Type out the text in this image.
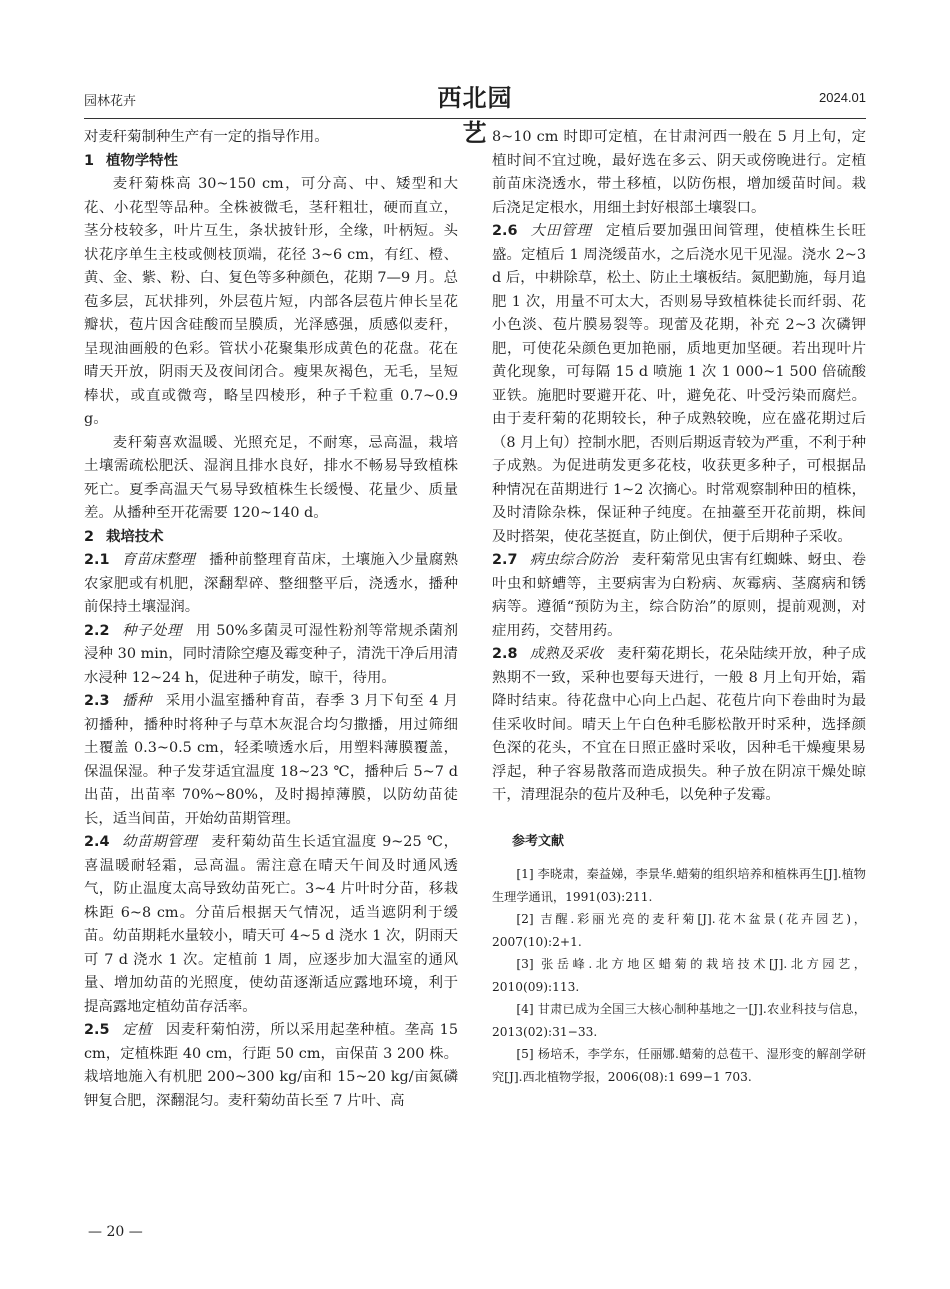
园林花卉	西北园艺
2024.01

对麦秆菊制种生产有一定的指导作用。

1 植物学特性

麦秆菊株高 30~150 cm，可分高、中、矮型和大花、小花型等品种。全株被微毛，茎秆粗壮，硬而直立，茎分枝较多，叶片互生，条状披针形，全缘，叶柄短。头状花序单生主枝或侧枝顶端，花径 3~6 cm，有红、橙、黄、金、紫、粉、白、复色等多种颜色，花期 7—9 月。总苞多层，瓦状排列，外层苞片短，内部各层苞片伸长呈花瓣状，苞片因含硅酸而呈膜质，光泽感强，质感似麦秆，呈现油画般的色彩。管状小花聚集形成黄色的花盘。花在晴天开放，阴雨天及夜间闭合。瘦果灰褐色，无毛，呈短棒状，或直或微弯，略呈四棱形，种子千粒重 0.7~0.9 g。

麦秆菊喜欢温暖、光照充足，不耐寒，忌高温，栽培土壤需疏松肥沃、湿润且排水良好，排水不畅易导致植株死亡。夏季高温天气易导致植株生长缓慢、花量少、质量差。从播种至开花需要 120~140 d。

2 栽培技术

2.1 育苗床整理 播种前整理育苗床，土壤施入少量腐熟农家肥或有机肥，深翻犁碎、整细整平后，浇透水，播种前保持土壤湿润。

2.2 种子处理 用 50%多菌灵可湿性粉剂等常规杀菌剂浸种 30 min，同时清除空瘪及霉变种子，清洗干净后用清水浸种 12~24 h，促进种子萌发，晾干，待用。

2.3 播种 采用小温室播种育苗，春季 3 月下旬至 4 月初播种，播种时将种子与草木灰混合均匀撒播，用过筛细土覆盖 0.3~0.5 cm，轻柔喷透水后，用塑料薄膜覆盖，保温保湿。种子发芽适宜温度 18~23 ℃，播种后 5~7 d 出苗，出苗率 70%~80%，及时揭掉薄膜，以防幼苗徒长，适当间苗，开始幼苗期管理。

2.4 幼苗期管理 麦秆菊幼苗生长适宜温度 9~25 ℃，喜温暖耐轻霜，忌高温。需注意在晴天午间及时通风透气，防止温度太高导致幼苗死亡。3~4 片叶时分苗，移栽株距 6~8 cm。分苗后根据天气情况，适当遮阴利于缓苗。幼苗期耗水量较小，晴天可 4~5 d 浇水 1 次，阴雨天可 7 d 浇水 1 次。定植前 1 周，应逐步加大温室的通风量、增加幼苗的光照度，使幼苗逐渐适应露地环境，利于提高露地定植幼苗存活率。

2.5 定植 因麦秆菊怕涝，所以采用起垄种植。垄高 15 cm，定植株距 40 cm，行距 50 cm，亩保苗 3 200 株。栽培地施入有机肥 200~300 kg/亩和 15~20 kg/亩氮磷钾复合肥，深翻混匀。麦秆菊幼苗长至 7 片叶、高

8~10 cm 时即可定植，在甘肃河西一般在 5 月上旬，定植时间不宜过晚，最好选在多云、阴天或傍晚进行。定植前苗床浇透水，带土移植，以防伤根，增加缓苗时间。栽后浇足定根水，用细土封好根部土壤裂口。

2.6 大田管理 定植后要加强田间管理，使植株生长旺盛。定植后 1 周浇缓苗水，之后浇水见干见湿。浇水 2~3 d 后，中耕除草，松土、防止土壤板结。氮肥勤施，每月追肥 1 次，用量不可太大，否则易导致植株徒长而纤弱、花小色淡、苞片膜易裂等。现蕾及花期，补充 2~3 次磷钾肥，可使花朵颜色更加艳丽，质地更加坚硬。若出现叶片黄化现象，可每隔 15 d 喷施 1 次 1 000~1 500 倍硫酸亚铁。施肥时要避开花、叶，避免花、叶受污染而腐烂。由于麦秆菊的花期较长，种子成熟较晚，应在盛花期过后（8 月上旬）控制水肥，否则后期返青较为严重，不利于种子成熟。为促进萌发更多花枝，收获更多种子，可根据品种情况在苗期进行 1~2 次摘心。时常观察制种田的植株，及时清除杂株，保证种子纯度。在抽薹至开花前期，株间及时搭架，使花茎挺直，防止倒伏，便于后期种子采收。

2.7 病虫综合防治 麦秆菊常见虫害有红蜘蛛、蚜虫、卷叶虫和蛴螬等，主要病害为白粉病、灰霉病、茎腐病和锈病等。遵循“预防为主，综合防治”的原则，提前观测，对症用药，交替用药。

2.8 成熟及采收 麦秆菊花期长，花朵陆续开放，种子成熟期不一致，采种也要每天进行，一般 8 月上旬开始，霜降时结束。待花盘中心向上凸起、花苞片向下卷曲时为最佳采收时间。晴天上午白色种毛膨松散开时采种，选择颜色深的花头，不宜在日照正盛时采收，因种毛干燥瘦果易浮起，种子容易散落而造成损失。种子放在阴凉干燥处晾干，清理混杂的苞片及种毛，以免种子发霉。

参考文献

[1] 李晓肃，秦益娣，李景华.蜡菊的组织培养和植株再生[J].植物生理学通讯，1991(03):211.

[2] 吉醒.彩丽光亮的麦秆菊[J].花木盆景(花卉园艺)，2007(10):2+1.

[3] 张岳峰.北方地区蜡菊的栽培技术[J].北方园艺，2010(09):113.

[4] 甘肃已成为全国三大核心制种基地之一[J].农业科技与信息，2013(02):31−33.

[5] 杨培禾，李学东，任丽娜.蜡菊的总苞干、湿形变的解剖学研究[J].西北植物学报，2006(08):1 699−1 703.

— 20 —
